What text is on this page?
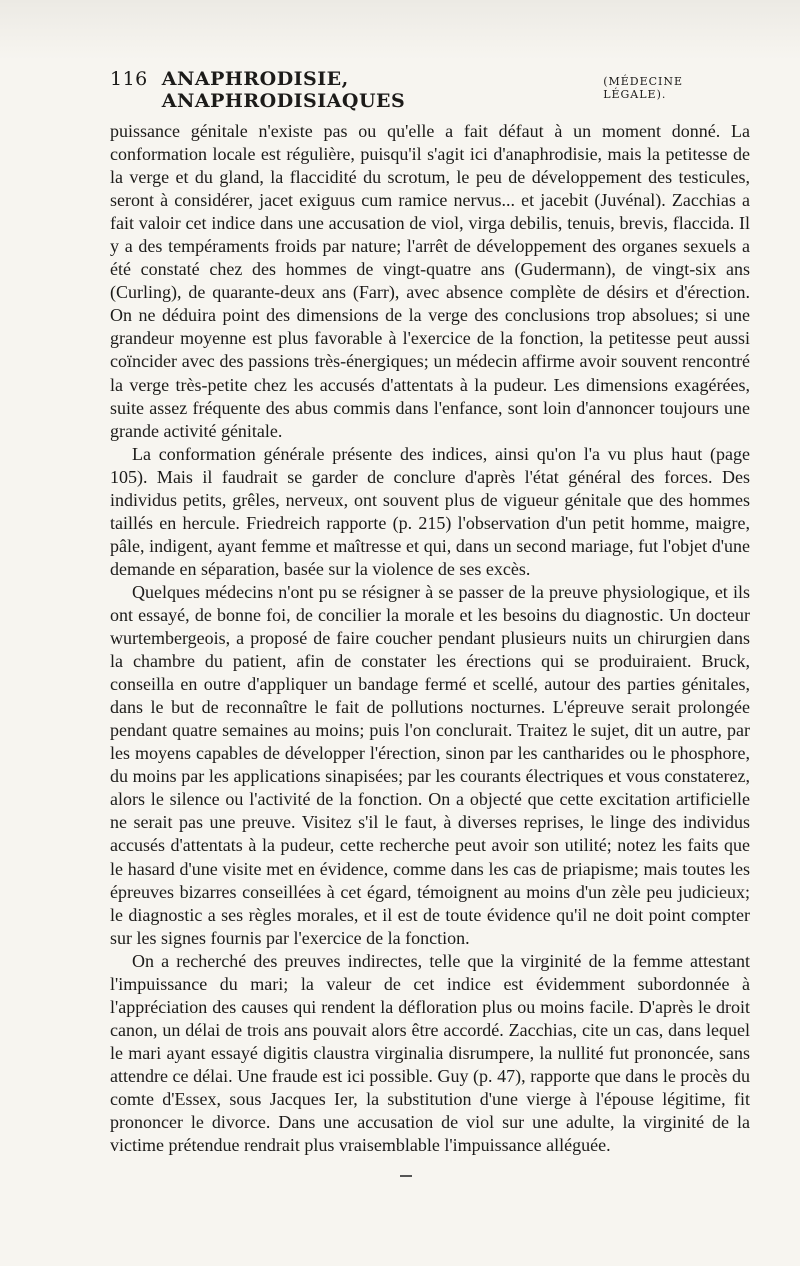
116 ANAPHRODISIE, ANAPHRODISIAQUES
(MÉDECINE LÉGALE).

puissance génitale n'existe pas ou qu'elle a fait défaut à un moment donné. La conformation locale est régulière, puisqu'il s'agit ici d'anaphrodisie, mais la petitesse de la verge et du gland, la flaccidité du scrotum, le peu de développement des testicules, seront à considérer, jacet exiguus cum ramice nervus... et jacebit (Juvénal). Zacchias a fait valoir cet indice dans une accusation de viol, virga debilis, tenuis, brevis, flaccida. Il y a des tempéraments froids par nature; l'arrêt de développement des organes sexuels a été constaté chez des hommes de vingt-quatre ans (Gudermann), de vingt-six ans (Curling), de quarante-deux ans (Farr), avec absence complète de désirs et d'érection. On ne déduira point des dimensions de la verge des conclusions trop absolues; si une grandeur moyenne est plus favorable à l'exercice de la fonction, la petitesse peut aussi coïncider avec des passions très-énergiques; un médecin affirme avoir souvent rencontré la verge très-petite chez les accusés d'attentats à la pudeur. Les dimensions exagérées, suite assez fréquente des abus commis dans l'enfance, sont loin d'annoncer toujours une grande activité génitale.

La conformation générale présente des indices, ainsi qu'on l'a vu plus haut (page 105). Mais il faudrait se garder de conclure d'après l'état général des forces. Des individus petits, grêles, nerveux, ont souvent plus de vigueur génitale que des hommes taillés en hercule. Friedreich rapporte (p. 215) l'observation d'un petit homme, maigre, pâle, indigent, ayant femme et maîtresse et qui, dans un second mariage, fut l'objet d'une demande en séparation, basée sur la violence de ses excès.

Quelques médecins n'ont pu se résigner à se passer de la preuve physiologique, et ils ont essayé, de bonne foi, de concilier la morale et les besoins du diagnostic. Un docteur wurtembergeois, a proposé de faire coucher pendant plusieurs nuits un chirurgien dans la chambre du patient, afin de constater les érections qui se produiraient. Bruck, conseilla en outre d'appliquer un bandage fermé et scellé, autour des parties génitales, dans le but de reconnaître le fait de pollutions nocturnes. L'épreuve serait prolongée pendant quatre semaines au moins; puis l'on conclurait. Traitez le sujet, dit un autre, par les moyens capables de développer l'érection, sinon par les cantharides ou le phosphore, du moins par les applications sinapisées; par les courants électriques et vous constaterez, alors le silence ou l'activité de la fonction. On a objecté que cette excitation artificielle ne serait pas une preuve. Visitez s'il le faut, à diverses reprises, le linge des individus accusés d'attentats à la pudeur, cette recherche peut avoir son utilité; notez les faits que le hasard d'une visite met en évidence, comme dans les cas de priapisme; mais toutes les épreuves bizarres conseillées à cet égard, témoignent au moins d'un zèle peu judicieux; le diagnostic a ses règles morales, et il est de toute évidence qu'il ne doit point compter sur les signes fournis par l'exercice de la fonction.

On a recherché des preuves indirectes, telle que la virginité de la femme attestant l'impuissance du mari; la valeur de cet indice est évidemment subordonnée à l'appréciation des causes qui rendent la défloration plus ou moins facile. D'après le droit canon, un délai de trois ans pouvait alors être accordé. Zacchias, cite un cas, dans lequel le mari ayant essayé digitis claustra virginalia disrumpere, la nullité fut prononcée, sans attendre ce délai. Une fraude est ici possible. Guy (p. 47), rapporte que dans le procès du comte d'Essex, sous Jacques Ier, la substitution d'une vierge à l'épouse légitime, fit prononcer le divorce. Dans une accusation de viol sur une adulte, la virginité de la victime prétendue rendrait plus vraisemblable l'impuissance alléguée.
